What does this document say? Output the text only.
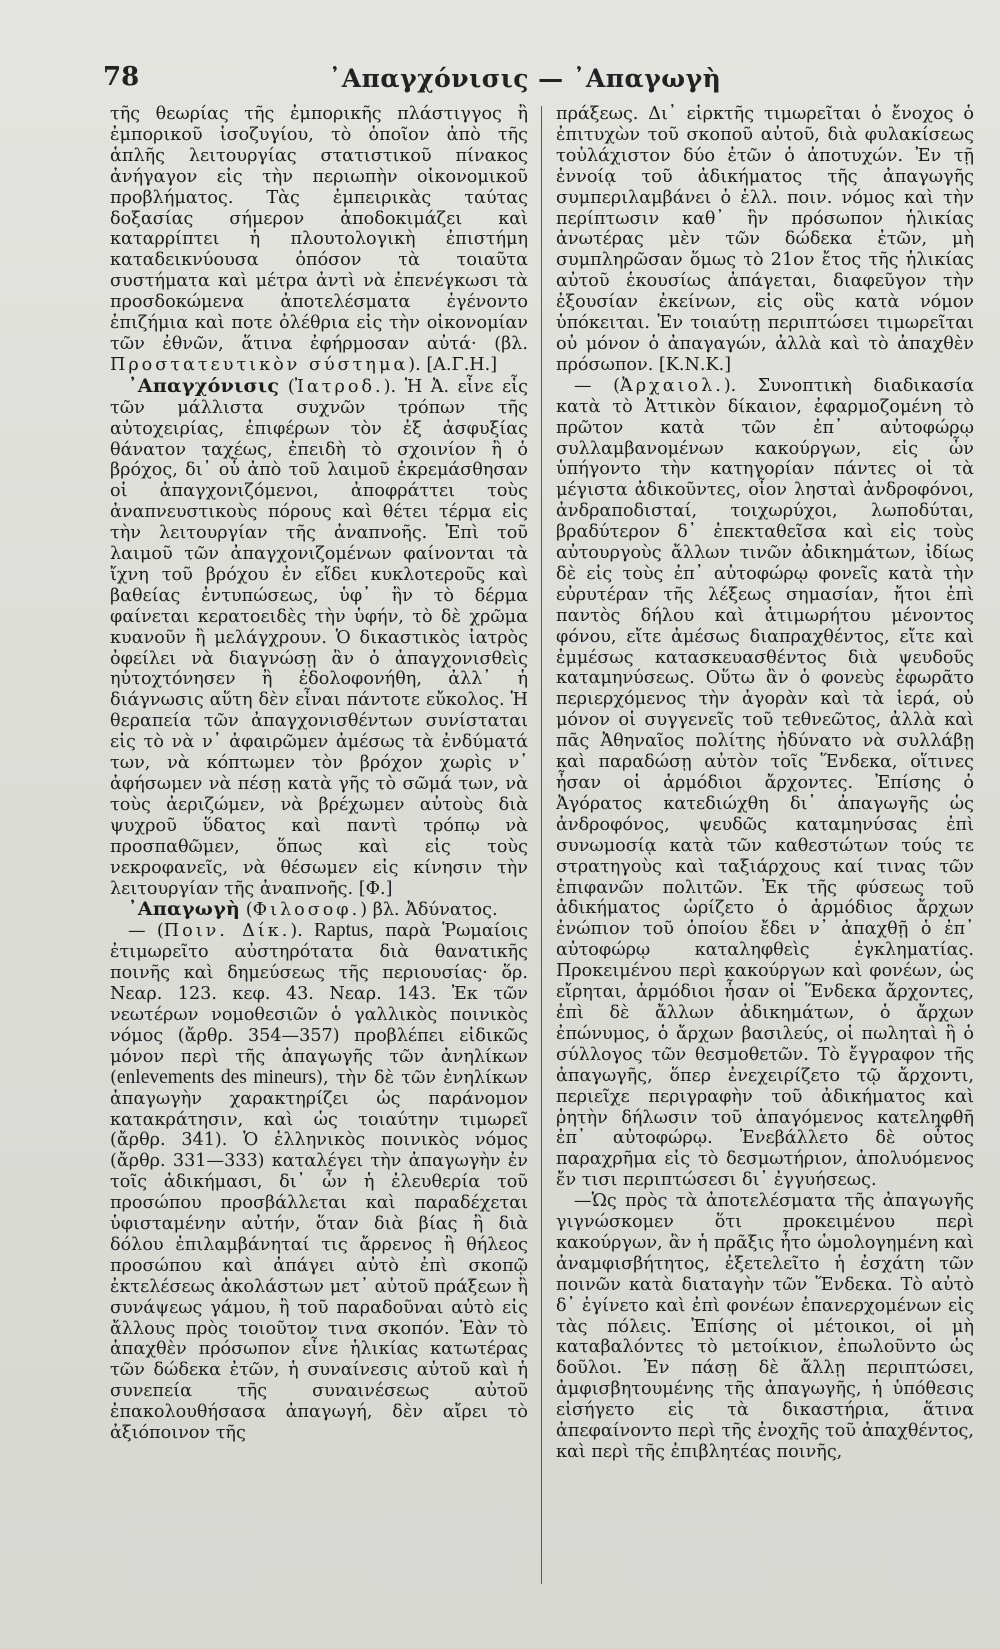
78	᾿Απαγχόνισις — ᾿Απαγωγὴ

τῆς θεωρίας τῆς ἐμπορικῆς πλάστιγγος ἢ ἐμπορικοῦ ἰσοζυγίου, τὸ ὁποῖον ἀπὸ τῆς ἁπλῆς λειτουργίας στατιστικοῦ πίνακος ἀνήγαγον εἰς τὴν περιωπὴν οἰκονομικοῦ προβλήματος. Τὰς ἐμπειρικὰς ταύτας δοξασίας σήμερον ἀποδοκιμάζει καὶ καταρρίπτει ἡ πλουτολογικὴ ἐπιστήμη καταδεικνύουσα ὁπόσον τὰ τοιαῦτα συστήματα καὶ μέτρα ἀντὶ νὰ ἐπενέγκωσι τὰ προσδοκώμενα ἀποτελέσματα ἐγένοντο ἐπιζήμια καὶ ποτε ὀλέθρια εἰς τὴν οἰκονομίαν τῶν ἐθνῶν, ἅτινα ἐφήρμοσαν αὐτά· (βλ. Προστατευτικὸν σύστημα). [Α.Γ.Η.]

᾿Απαγχόνισις (Ἰατροδ.). Ἡ Ἀ. εἶνε εἷς τῶν μάλλιστα συχνῶν τρόπων τῆς αὐτοχειρίας, ἐπιφέρων τὸν ἐξ ἀσφυξίας θάνατον ταχέως, ἐπειδὴ τὸ σχοινίον ἢ ὁ βρόχος, δι᾿ οὗ ἀπὸ τοῦ λαιμοῦ ἐκρεμάσθησαν οἱ ἀπαγχονιζόμενοι, ἀποφράττει τοὺς ἀναπνευστικοὺς πόρους καὶ θέτει τέρμα εἰς τὴν λειτουργίαν τῆς ἀναπνοῆς. Ἐπὶ τοῦ λαιμοῦ τῶν ἀπαγχονιζομένων φαίνονται τὰ ἴχνη τοῦ βρόχου ἐν εἴδει κυκλοτεροῦς καὶ βαθείας ἐντυπώσεως, ὑφ᾿ ἣν τὸ δέρμα φαίνεται κερατοειδὲς τὴν ὑφήν, τὸ δὲ χρῶμα κυανοῦν ἢ μελάγχρουν. Ὁ δικαστικὸς ἰατρὸς ὀφείλει νὰ διαγνώσῃ ἂν ὁ ἀπαγχονισθεὶς ηὐτοχτόνησεν ἢ ἐδολοφονήθη, ἀλλ᾿ ἡ διάγνωσις αὕτη δὲν εἶναι πάντοτε εὔκολος. Ἡ θεραπεία τῶν ἀπαγχονισθέντων συνίσταται εἰς τὸ νὰ ν᾿ ἀφαιρῶμεν ἀμέσως τὰ ἐνδύματά των, νὰ κόπτωμεν τὸν βρόχον χωρὶς ν᾿ ἀφήσωμεν νὰ πέσῃ κατὰ γῆς τὸ σῶμά των, νὰ τοὺς ἀεριζώμεν, νὰ βρέχωμεν αὐτοὺς διὰ ψυχροῦ ὕδατος καὶ παντὶ τρόπῳ νὰ προσπαθῶμεν, ὅπως καὶ εἰς τοὺς νεκροφανεῖς, νὰ θέσωμεν εἰς κίνησιν τὴν λειτουργίαν τῆς ἀναπνοῆς. [Φ.]

᾿Απαγωγὴ (Φιλοσοφ.) βλ. Ἀδύνατος.

— (Ποιν. Δίκ.). Raptus, παρὰ Ῥωμαίοις ἐτιμωρεῖτο αὐστηρότατα διὰ θανατικῆς ποινῆς καὶ δημεύσεως τῆς περιουσίας· ὅρ. Νεαρ. 123. κεφ. 43. Νεαρ. 143. Ἐκ τῶν νεωτέρων νομοθεσιῶν ὁ γαλλικὸς ποινικὸς νόμος (ἄρθρ. 354—357) προβλέπει εἰδικῶς μόνον περὶ τῆς ἀπαγωγῆς τῶν ἀνηλίκων (enlevements des mineurs), τὴν δὲ τῶν ἐνηλίκων ἀπαγωγὴν χαρακτηρίζει ὡς παράνομον κατακράτησιν, καὶ ὡς τοιαύτην τιμωρεῖ (ἄρθρ. 341). Ὁ ἑλληνικὸς ποινικὸς νόμος (ἄρθρ. 331—333) καταλέγει τὴν ἀπαγωγὴν ἐν τοῖς ἀδικήμασι, δι᾿ ὧν ἡ ἐλευθερία τοῦ προσώπου προσβάλλεται καὶ παραδέχεται ὑφισταμένην αὐτήν, ὅταν διὰ βίας ἢ διὰ δόλου ἐπιλαμβάνηταί τις ἄρρενος ἢ θήλεος προσώπου καὶ ἀπάγει αὐτὸ ἐπὶ σκοπῷ ἐκτελέσεως ἀκολάστων μετ᾿ αὐτοῦ πράξεων ἢ συνάψεως γάμου, ἢ τοῦ παραδοῦναι αὐτὸ εἰς ἄλλους πρὸς τοιοῦτον τινα σκοπόν. Ἐὰν τὸ ἀπαχθὲν πρόσωπον εἶνε ἡλικίας κατωτέρας τῶν δώδεκα ἐτῶν, ἡ συναίνεσις αὐτοῦ καὶ ἡ συνεπεία τῆς συναινέσεως αὐτοῦ ἐπακολουθήσασα ἀπαγωγή, δὲν αἴρει τὸ ἀξιόποινον τῆς

πράξεως. Δι᾿ εἱρκτῆς τιμωρεῖται ὁ ἔνοχος ὁ ἐπιτυχὼν τοῦ σκοποῦ αὐτοῦ, διὰ φυλακίσεως τοὐλάχιστον δύο ἐτῶν ὁ ἀποτυχών. Ἐν τῇ ἐννοίᾳ τοῦ ἀδικήματος τῆς ἀπαγωγῆς συμπεριλαμβάνει ὁ ἑλλ. ποιν. νόμος καὶ τὴν περίπτωσιν καθ᾿ ἣν πρόσωπον ἡλικίας ἀνωτέρας μὲν τῶν δώδεκα ἐτῶν, μὴ συμπληρῶσαν ὅμως τὸ 21ον ἔτος τῆς ἡλικίας αὐτοῦ ἑκουσίως ἀπάγεται, διαφεῦγον τὴν ἐξουσίαν ἐκείνων, εἰς οὓς κατὰ νόμον ὑπόκειται. Ἐν τοιαύτῃ περιπτώσει τιμωρεῖται οὐ μόνον ὁ ἀπαγαγών, ἀλλὰ καὶ τὸ ἀπαχθὲν πρόσωπον. [Κ.Ν.Κ.]

— (Ἀρχαιολ.). Συνοπτικὴ διαδικασία κατὰ τὸ Ἀττικὸν δίκαιον, ἐφαρμοζομένη τὸ πρῶτον κατὰ τῶν ἐπ᾿ αὐτοφώρῳ συλλαμβανομένων κακούργων, εἰς ὧν ὑπήγοντο τὴν κατηγορίαν πάντες οἱ τὰ μέγιστα ἀδικοῦντες, οἷον λησταὶ ἀνδροφόνοι, ἀνδραποδισταί, τοιχωρύχοι, λωποδύται, βραδύτερον δ᾿ ἐπεκταθεῖσα καὶ εἰς τοὺς αὐτουργοὺς ἄλλων τινῶν ἀδικημάτων, ἰδίως δὲ εἰς τοὺς ἐπ᾿ αὐτοφώρῳ φονεῖς κατὰ τὴν εὐρυτέραν τῆς λέξεως σημασίαν, ἤτοι ἐπὶ παντὸς δήλου καὶ ἀτιμωρήτου μένοντος φόνου, εἴτε ἀμέσως διαπραχθέντος, εἴτε καὶ ἐμμέσως κατασκευασθέντος διὰ ψευδοῦς καταμηνύσεως. Οὕτω ἂν ὁ φονεὺς ἐφωρᾶτο περιερχόμενος τὴν ἀγορὰν καὶ τὰ ἱερά, οὐ μόνον οἱ συγγενεῖς τοῦ τεθνεῶτος, ἀλλὰ καὶ πᾶς Ἀθηναῖος πολίτης ἠδύνατο νὰ συλλάβῃ καὶ παραδώσῃ αὐτὸν τοῖς Ἕνδεκα, οἵτινες ἦσαν οἱ ἁρμόδιοι ἄρχοντες. Ἐπίσης ὁ Ἀγόρατος κατεδιώχθη δι᾿ ἀπαγωγῆς ὡς ἀνδροφόνος, ψευδῶς καταμηνύσας ἐπὶ συνωμοσίᾳ κατὰ τῶν καθεστώτων τούς τε στρατηγοὺς καὶ ταξιάρχους καί τινας τῶν ἐπιφανῶν πολιτῶν. Ἐκ τῆς φύσεως τοῦ ἀδικήματος ὡρίζετο ὁ ἁρμόδιος ἄρχων ἐνώπιον τοῦ ὁποίου ἔδει ν᾿ ἀπαχθῇ ὁ ἐπ᾿ αὐτοφώρῳ καταληφθεὶς ἐγκληματίας. Προκειμένου περὶ κακούργων καὶ φονέων, ὡς εἴρηται, ἁρμόδιοι ἦσαν οἱ Ἕνδεκα ἄρχοντες, ἐπὶ δὲ ἄλλων ἀδικημάτων, ὁ ἄρχων ἐπώνυμος, ὁ ἄρχων βασιλεύς, οἱ πωληταὶ ἢ ὁ σύλλογος τῶν θεσμοθετῶν. Τὸ ἔγγραφον τῆς ἀπαγωγῆς, ὅπερ ἐνεχειρίζετο τῷ ἄρχοντι, περιεῖχε περιγραφὴν τοῦ ἀδικήματος καὶ ῥητὴν δήλωσιν τοῦ ἀπαγόμενος κατεληφθῆ ἐπ᾿ αὐτοφώρῳ. Ἐνεβάλλετο δὲ οὗτος παραχρῆμα εἰς τὸ δεσμωτήριον, ἀπολυόμενος ἔν τισι περιπτώσεσι δι᾿ ἐγγυήσεως.

—Ὡς πρὸς τὰ ἀποτελέσματα τῆς ἀπαγωγῆς γιγνώσκομεν ὅτι προκειμένου περὶ κακούργων, ἂν ἡ πρᾶξις ἦτο ὡμολογημένη καὶ ἀναμφισβήτητος, ἐξετελεῖτο ἡ ἐσχάτη τῶν ποινῶν κατὰ διαταγὴν τῶν Ἕνδεκα. Τὸ αὐτὸ δ᾿ ἐγίνετο καὶ ἐπὶ φονέων ἐπανερχομένων εἰς τὰς πόλεις. Ἐπίσης οἱ μέτοικοι, οἱ μὴ καταβαλόντες τὸ μετοίκιον, ἐπωλοῦντο ὡς δοῦλοι. Ἐν πάσῃ δὲ ἄλλῃ περιπτώσει, ἀμφισβητουμένης τῆς ἀπαγωγῆς, ἡ ὑπόθεσις εἰσήγετο εἰς τὰ δικαστήρια, ἅτινα ἀπεφαίνοντο περὶ τῆς ἐνοχῆς τοῦ ἀπαχθέντος, καὶ περὶ τῆς ἐπιβλητέας ποινῆς,
